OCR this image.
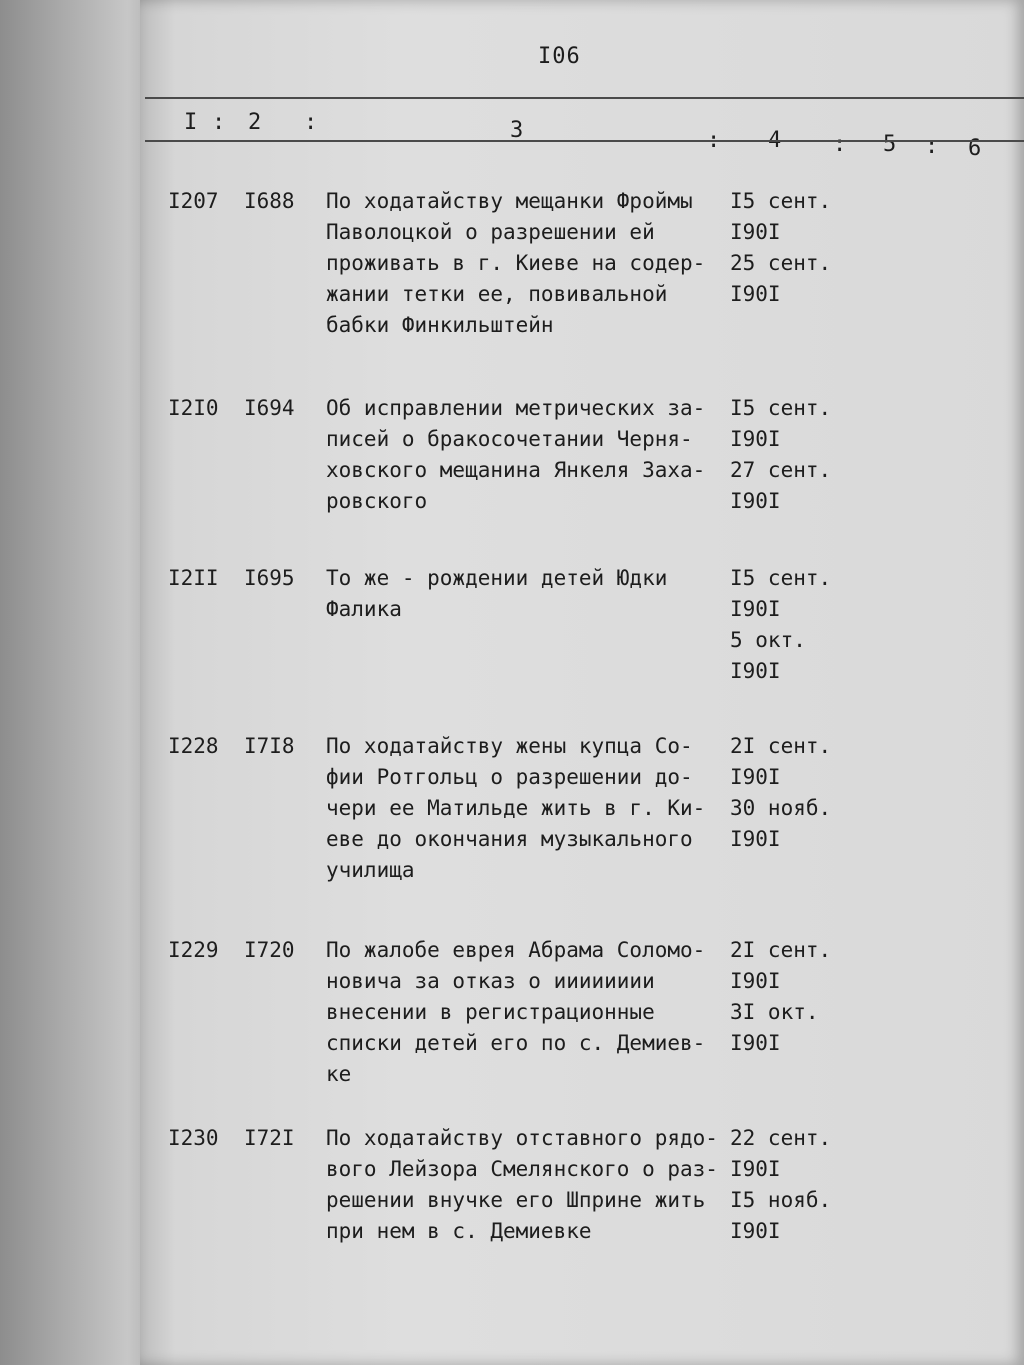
I06
I : 2 :	3	: 4 : 5 : 6
I207 I688 По ходатайству мещанки Фроймы
Паволоцкой о разрешении ей
проживать в г. Киеве на содер-
жании тетки ее, повивальной
бабки Финкильштейн
I5 сент.
I90I
25 сент.
I90I
I2I0 I694 Об исправлении метрических за-
писей о бракосочетании Черня-
ховского мещанина Янкеля Заха-
ровского
I5 сент.
I90I
27 сент.
I90I
I2II I695 То же - рождении детей Юдки
Фалика
I5 сент.
I90I
5 окт.
I90I
I228 I7I8 По ходатайству жены купца Со-
фии Ротгольц о разрешении до-
чери ее Матильде жить в г. Ки-
еве до окончания музыкального
училища
2I сент.
I90I
30 нояб.
I90I
I229 I720 По жалобе еврея Абрама Соломо-
новича за отказ о ииииииии
внесении в регистрационные
списки детей его по с. Демиев-
ке
2I сент.
I90I
3I окт.
I90I
I230 I72I По ходатайству отставного рядо-
вого Лейзора Смелянского о раз-
решении внучке его Шприне жить
при нем в с. Демиевке
22 сент.
I90I
I5 нояб.
I90I
